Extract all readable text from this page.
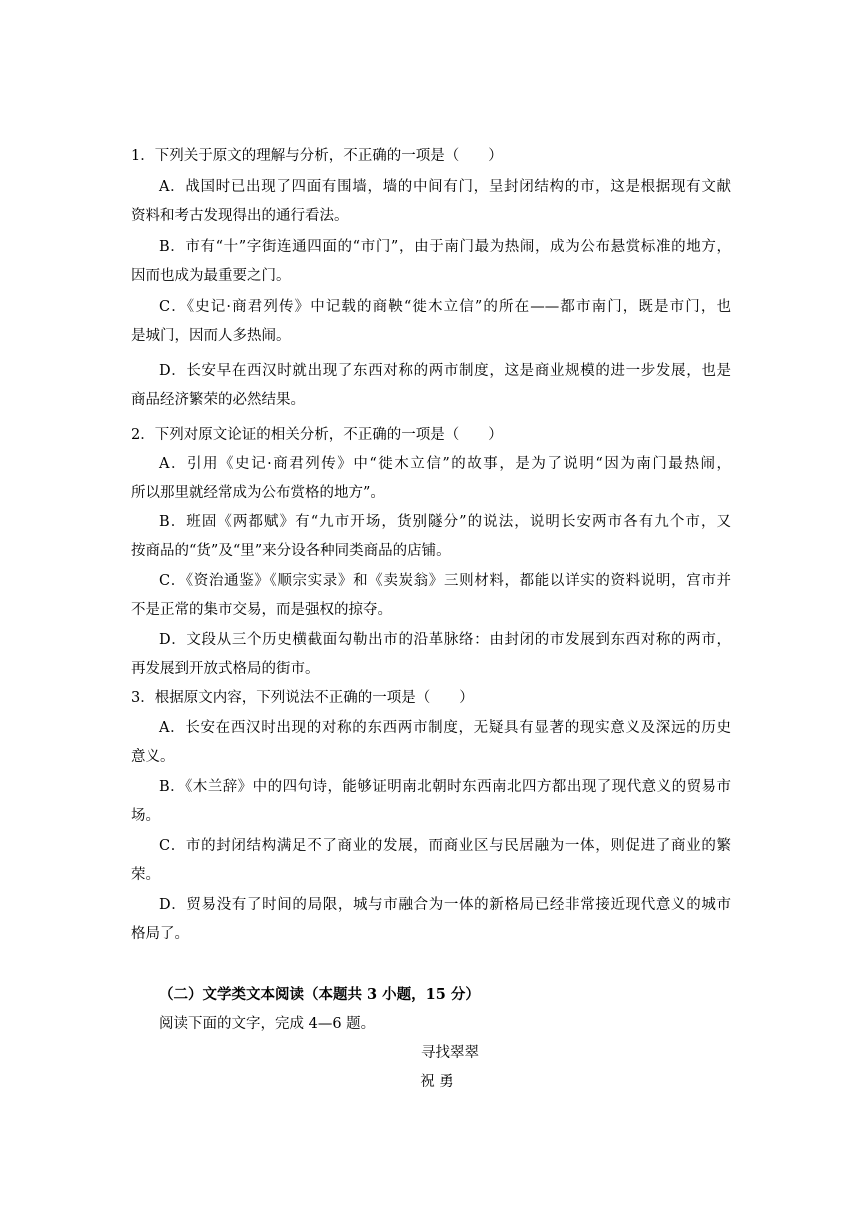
1．下列关于原文的理解与分析，不正确的一项是（　　）
A．战国时已出现了四面有围墙，墙的中间有门，呈封闭结构的市，这是根据现有文献
资料和考古发现得出的通行看法。
B．市有“十”字街连通四面的“市门”，由于南门最为热闹，成为公布悬赏标准的地方，
因而也成为最重要之门。
C．《史记·商君列传》中记载的商鞅“徙木立信”的所在——都市南门，既是市门，也
是城门，因而人多热闹。
D．长安早在西汉时就出现了东西对称的两市制度，这是商业规模的进一步发展，也是
商品经济繁荣的必然结果。
2．下列对原文论证的相关分析，不正确的一项是（　　）
A．引用《史记·商君列传》中“徙木立信”的故事，是为了说明“因为南门最热闹，
所以那里就经常成为公布赏格的地方”。
B．班固《两都赋》有“九市开场，货别隧分”的说法，说明长安两市各有九个市，又
按商品的“货”及“里”来分设各种同类商品的店铺。
C．《资治通鉴》《顺宗实录》和《卖炭翁》三则材料，都能以详实的资料说明，宫市并
不是正常的集市交易，而是强权的掠夺。
D．文段从三个历史横截面勾勒出市的沿革脉络：由封闭的市发展到东西对称的两市，
再发展到开放式格局的街市。
3．根据原文内容，下列说法不正确的一项是（　　）
A．长安在西汉时出现的对称的东西两市制度，无疑具有显著的现实意义及深远的历史
意义。
B．《木兰辞》中的四句诗，能够证明南北朝时东西南北四方都出现了现代意义的贸易市
场。
C．市的封闭结构满足不了商业的发展，而商业区与民居融为一体，则促进了商业的繁
荣。
D．贸易没有了时间的局限，城与市融合为一体的新格局已经非常接近现代意义的城市
格局了。
（二）文学类文本阅读（本题共 3 小题，15 分）
阅读下面的文字，完成 4—6 题。
寻找翠翠
祝 勇
